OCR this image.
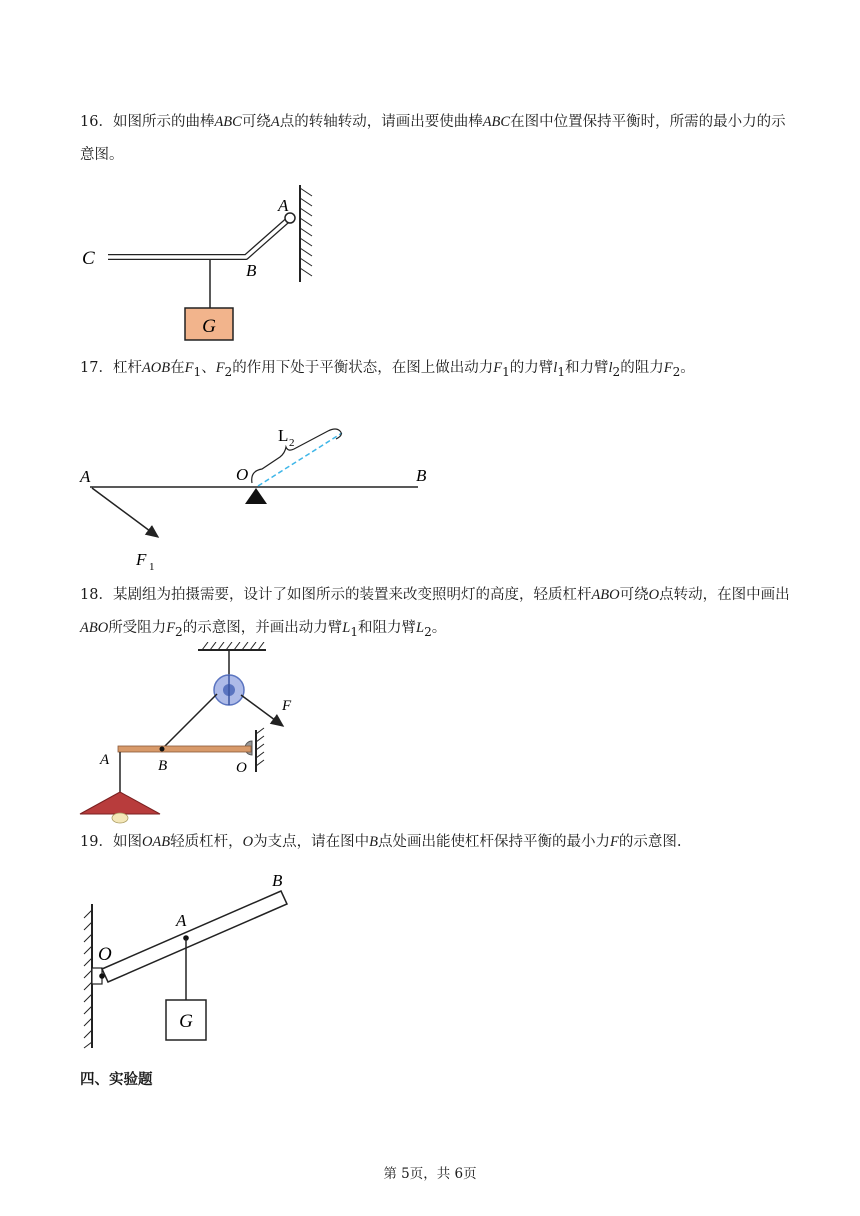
16．如图所示的曲棒ABC可绕A点的转轴转动，请画出要使曲棒ABC在图中位置保持平衡时，所需的最小力的示意图。
G
C
B
A
17．杠杆AOB在$F_1$、$F_2$的作用下处于平衡状态，在图上做出动力$F_1$的力臂$l_1$和力臂$l_2$的阻力$F_2$。
A	O	B
F 1
L 2
18．某剧组为拍摄需要，设计了如图所示的装置来改变照明灯的高度，轻质杠杆ABO可绕O点转动，在图中画出ABO所受阻力$F_2$的示意图，并画出动力臂$L_1$和阻力臂$L_2$。
A	B	O
F
19．如图OAB轻质杠杆，O为支点，请在图中B点处画出能使杠杆保持平衡的最小力F的示意图.
G
O
A
B
四、实验题
第 5页，共 6页
